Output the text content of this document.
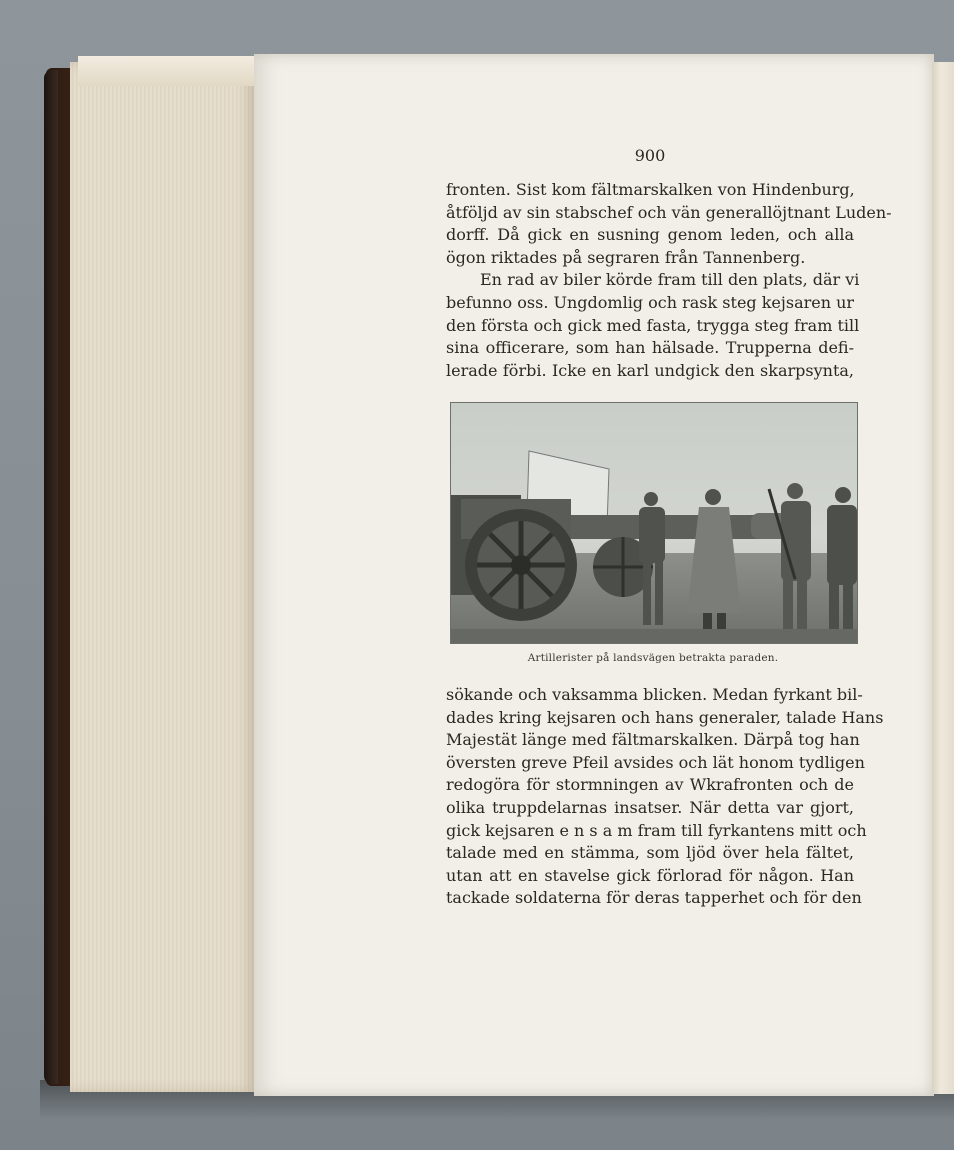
900
fronten. Sist kom fältmarskalken von Hindenburg,
åtföljd av sin stabschef och vän generallöjtnant Luden-
dorff. Då gick en susning genom leden, och alla
ögon riktades på segraren från Tannenberg.
En rad av biler körde fram till den plats, där vi
befunno oss. Ungdomlig och rask steg kejsaren ur
den första och gick med fasta, trygga steg fram till
sina officerare, som han hälsade. Trupperna defi-
lerade förbi. Icke en karl undgick den skarpsynta,
Artillerister på landsvägen betrakta paraden.
sökande och vaksamma blicken. Medan fyrkant bil-
dades kring kejsaren och hans generaler, talade Hans
Majestät länge med fältmarskalken. Därpå tog han
översten greve Pfeil avsides och lät honom tydligen
redogöra för stormningen av Wkrafronten och de
olika truppdelarnas insatser. När detta var gjort,
gick kejsaren e n s a m fram till fyrkantens mitt och
talade med en stämma, som ljöd över hela fältet,
utan att en stavelse gick förlorad för någon. Han
tackade soldaterna för deras tapperhet och för den
